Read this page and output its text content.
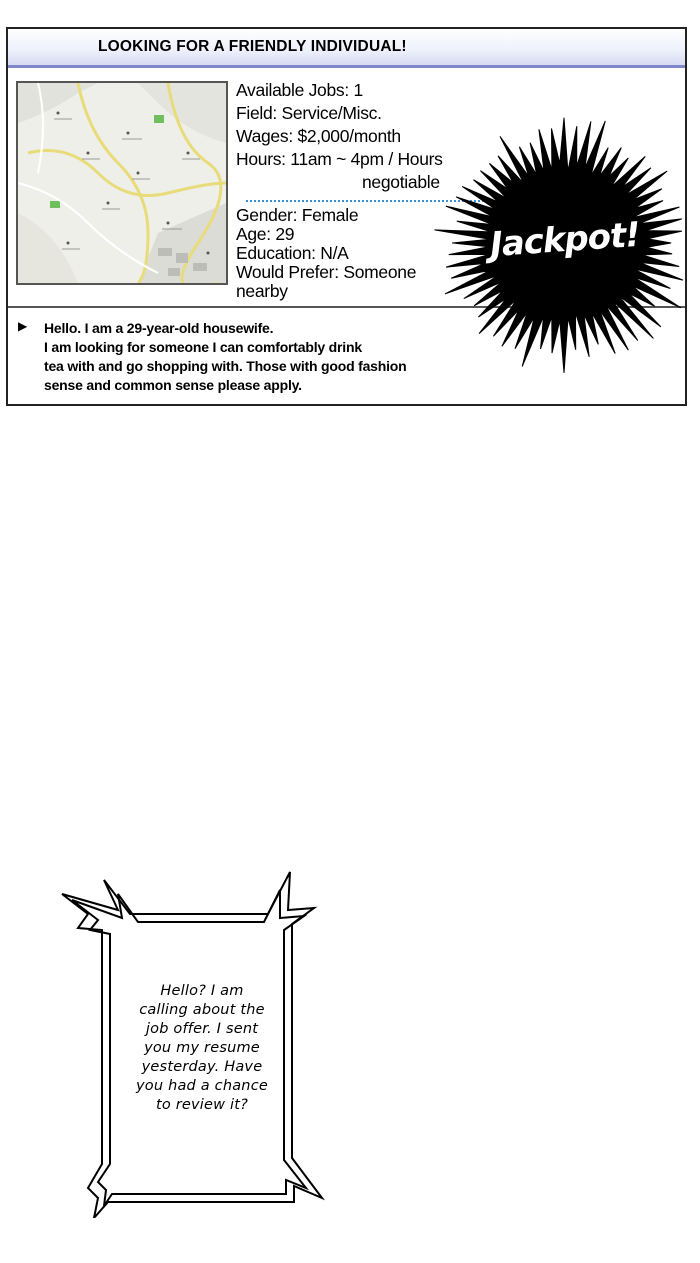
LOOKING FOR A FRIENDLY INDIVIDUAL!
Available Jobs: 1
Field: Service/Misc.
Wages: $2,000/month
Hours: 11am ~ 4pm / Hours
negotiable
Gender: Female
Age: 29
Education: N/A
Would Prefer: Someone
nearby
▶ Hello. I am a 29-year-old housewife.
I am looking for someone I can comfortably drink
tea with and go shopping with. Those with good fashion
sense and common sense please apply.
Jackpot!
Hello? I am
calling about the
job offer. I sent
you my resume
yesterday. Have
you had a chance
to review it?
